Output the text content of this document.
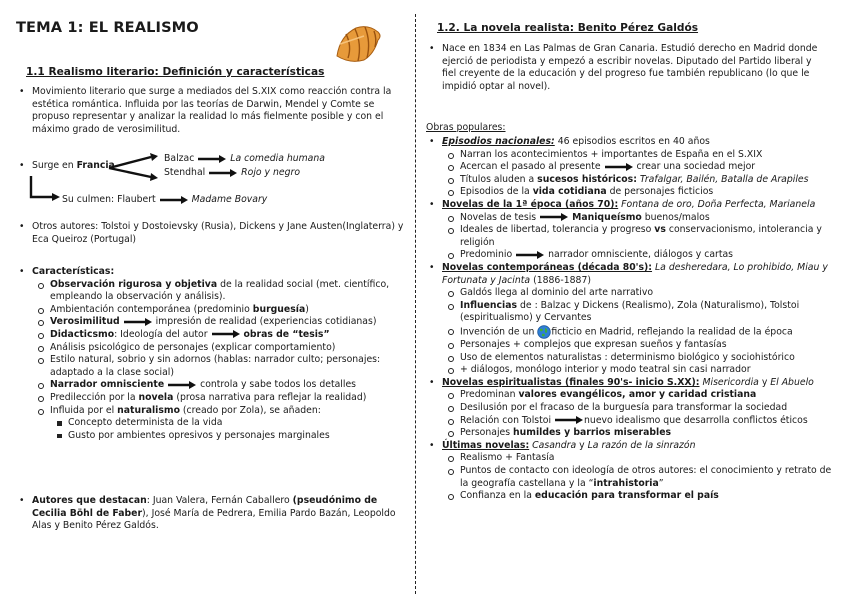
TEMA 1: EL REALISMO
1.1 Realismo literario: Definición y características
• Movimiento literario que surge a mediados del S.XIX como reacción contra la estética romántica. Influida por las teorías de Darwin, Mendel y Comte se propuso representar y analizar la realidad lo más fielmente posible y con el máximo grado de verosimilitud.
• Surge en Francia
Balzac	La comedia humana
Stendhal	Rojo y negro
Su culmen: Flaubert	Madame Bovary
• Otros autores: Tolstoi y Dostoievsky (Rusia), Dickens y Jane Austen(Inglaterra) y Eca Queiroz (Portugal)
• Características:
Observación rigurosa y objetiva de la realidad social (met. científico, empleando la observación y análisis).
Ambientación contemporánea (predominio burguesía)
Verosimilitud	impresión de realidad (experiencias cotidianas)
Didacticsmo: Ideología del autor	obras de “tesis”
Análisis psicológico de personajes (explicar comportamiento)
Estilo natural, sobrio y sin adornos (hablas: narrador culto; personajes: adaptado a la clase social)
Narrador omnisciente	controla y sabe todos los detalles
Predilección por la novela (prosa narrativa para reflejar la realidad)
Influida por el naturalismo (creado por Zola), se añaden:
Concepto determinista de la vida
Gusto por ambientes opresivos y personajes marginales
• Autores que destacan: Juan Valera, Fernán Caballero (pseudónimo de Cecilia Böhl de Faber), José María de Pedrera, Emilia Pardo Bazán, Leopoldo Alas y Benito Pérez Galdós.
1.2. La novela realista: Benito Pérez Galdós
• Nace en 1834 en Las Palmas de Gran Canaria. Estudió derecho en Madrid donde ejerció de periodista y empezó a escribir novelas. Diputado del Partido liberal y fiel creyente de la educación y del progreso fue también republicano (lo que le impidió optar al novel).
Obras populares:
• Episodios nacionales: 46 episodios escritos en 40 años
Narran los acontecimientos + importantes de España en el S.XIX
Acercan el pasado al presente	crear una sociedad mejor
Títulos aluden a sucesos históricos: Trafalgar, Bailén, Batalla de Arapiles
Episodios de la vida cotidiana de personajes ficticios
• Novelas de la 1ª época (años 70): Fontana de oro, Doña Perfecta, Marianela
Novelas de tesis	Maniqueísmo buenos/malos
Ideales de libertad, tolerancia y progreso vs conservacionismo, intolerancia y religión
Predominio	narrador omnisciente, diálogos y cartas
• Novelas contemporáneas (década 80's): La desheredara, Lo prohibido, Miau y Fortunata y Jacinta (1886-1887)
Galdós llega al dominio del arte narrativo
Influencias de : Balzac y Dickens (Realismo), Zola (Naturalismo), Tolstoi (espiritualismo) y Cervantes
Invención de un ficticio en Madrid, reflejando la realidad de la época
Personajes + complejos que expresan sueños y fantasías
Uso de elementos naturalistas : determinismo biológico y sociohistórico
+ diálogos, monólogo interior y modo teatral sin casi narrador
• Novelas espiritualistas (finales 90's- inicio S.XX): Misericordia y El Abuelo
Predominan valores evangélicos, amor y caridad cristiana
Desilusión por el fracaso de la burguesía para transformar la sociedad
Relación con Tolstoi	nuevo idealismo que desarrolla conflictos éticos
Personajes humildes y barrios miserables
• Últimas novelas: Casandra y La razón de la sinrazón
Realismo + Fantasía
Puntos de contacto con ideología de otros autores: el conocimiento y retrato de la geografía castellana y la “intrahistoria”
Confianza en la educación para transformar el país
